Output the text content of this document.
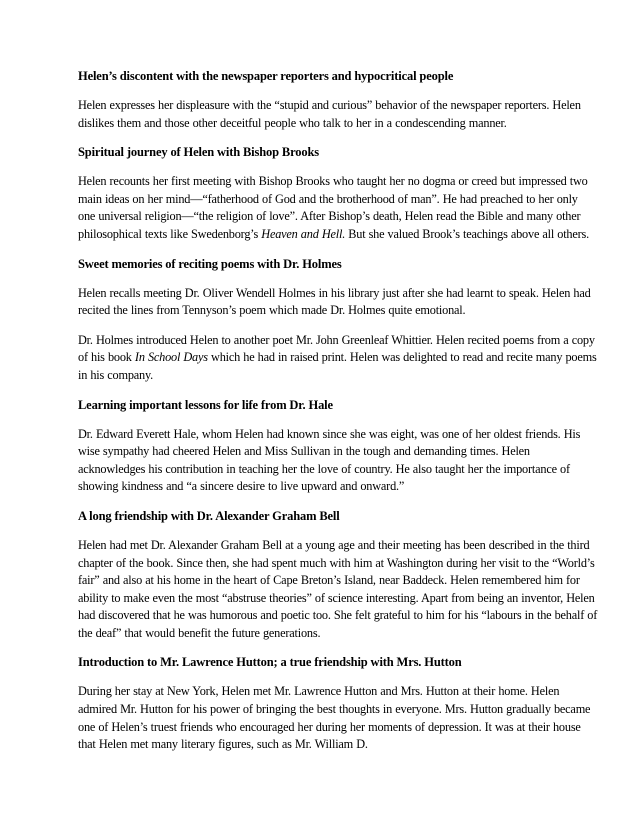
Helen’s discontent with the newspaper reporters and hypocritical people

Helen expresses her displeasure with the “stupid and curious” behavior of the newspaper reporters. Helen dislikes them and those other deceitful people who talk to her in a condescending manner.

Spiritual journey of Helen with Bishop Brooks

Helen recounts her first meeting with Bishop Brooks who taught her no dogma or creed but impressed two main ideas on her mind—“fatherhood of God and the brotherhood of man”. He had preached to her only one universal religion—“the religion of love”. After Bishop’s death, Helen read the Bible and many other philosophical texts like Swedenborg’s Heaven and Hell. But she valued Brook’s teachings above all others.

Sweet memories of reciting poems with Dr. Holmes

Helen recalls meeting Dr. Oliver Wendell Holmes in his library just after she had learnt to speak. Helen had recited the lines from Tennyson’s poem which made Dr. Holmes quite emotional.

Dr. Holmes introduced Helen to another poet Mr. John Greenleaf Whittier. Helen recited poems from a copy of his book In School Days which he had in raised print. Helen was delighted to read and recite many poems in his company.

Learning important lessons for life from Dr. Hale

Dr. Edward Everett Hale, whom Helen had known since she was eight, was one of her oldest friends. His wise sympathy had cheered Helen and Miss Sullivan in the tough and demanding times. Helen acknowledges his contribution in teaching her the love of country. He also taught her the importance of showing kindness and “a sincere desire to live upward and onward.”

A long friendship with Dr. Alexander Graham Bell

Helen had met Dr. Alexander Graham Bell at a young age and their meeting has been described in the third chapter of the book. Since then, she had spent much with him at Washington during her visit to the “World’s fair” and also at his home in the heart of Cape Breton’s Island, near Baddeck. Helen remembered him for ability to make even the most “abstruse theories” of science interesting. Apart from being an inventor, Helen had discovered that he was humorous and poetic too. She felt grateful to him for his “labours in the behalf of the deaf” that would benefit the future generations.

Introduction to Mr. Lawrence Hutton; a true friendship with Mrs. Hutton

During her stay at New York, Helen met Mr. Lawrence Hutton and Mrs. Hutton at their home. Helen admired Mr. Hutton for his power of bringing the best thoughts in everyone. Mrs. Hutton gradually became one of Helen’s truest friends who encouraged her during her moments of depression. It was at their house that Helen met many literary figures, such as Mr. William D.
